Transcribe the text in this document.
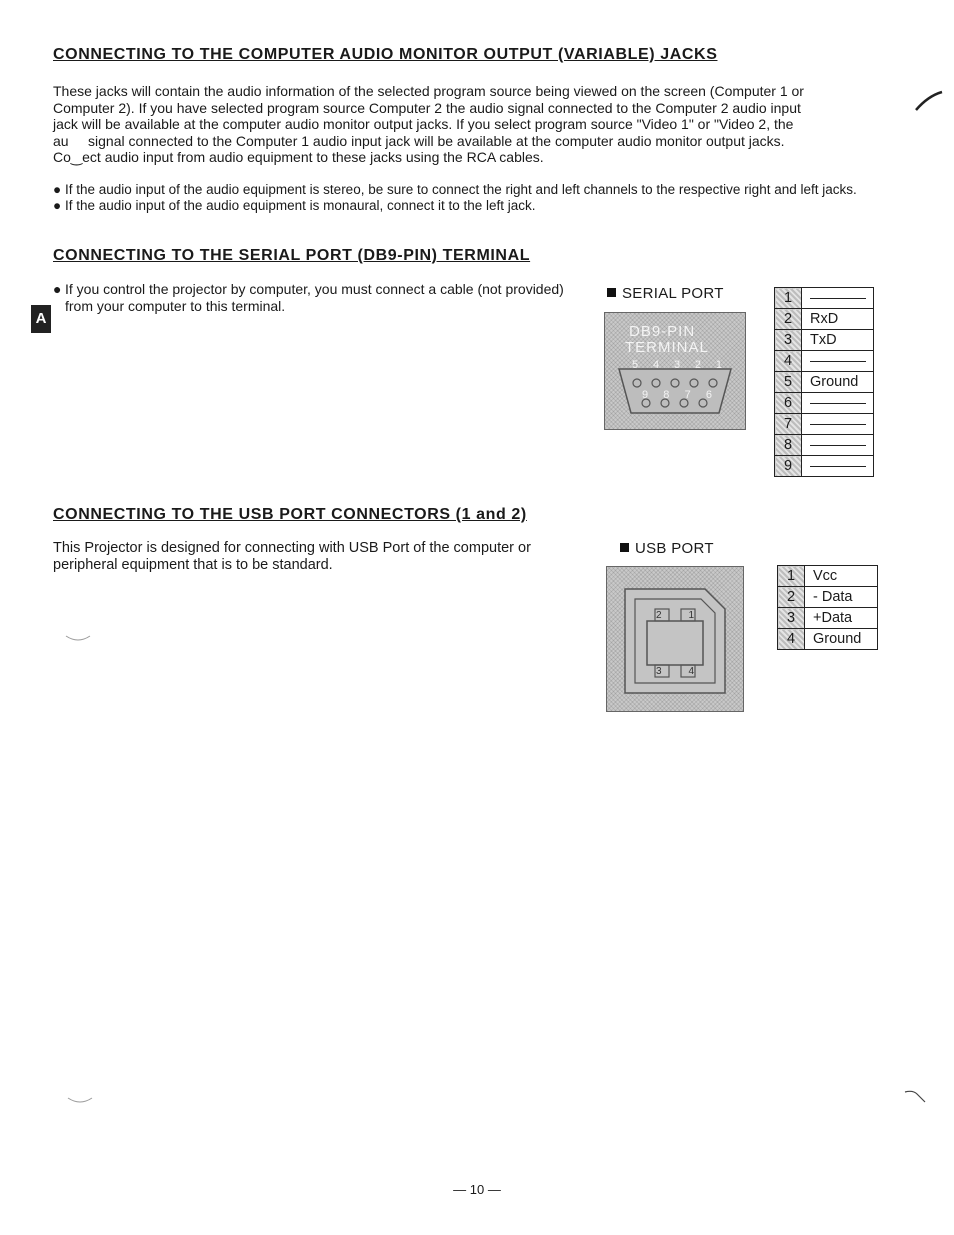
CONNECTING TO THE COMPUTER AUDIO MONITOR OUTPUT (VARIABLE) JACKS

These jacks will contain the audio information of the selected program source being viewed on the screen (Computer 1 or

Computer 2). If you have selected program source Computer 2 the audio signal connected to the Computer 2 audio input

jack will be available at the computer audio monitor output jacks. If you select program source "Video 1" or "Video 2, the

au     signal connected to the Computer 1 audio input jack will be available at the computer audio monitor output jacks.

Co‿ect audio input from audio equipment to these jacks using the RCA cables.

● If the audio input of the audio equipment is stereo, be sure to connect the right and left channels to the respective right and left jacks.

● If the audio input of the audio equipment is monaural, connect it to the left jack.

CONNECTING TO THE SERIAL PORT (DB9-PIN) TERMINAL
A

● If you control the projector by computer, you must connect a cable (not provided) from your computer to this terminal.

SERIAL PORT
DB9-PIN
TERMINAL
5 4 3 2 1
9 8 7 6
1	
2	RxD
3	TxD
4	
5	Ground
6	
7	
8	
9	
CONNECTING TO THE USB PORT CONNECTORS (1 and 2)

This Projector is designed for connecting with USB Port of the computer or peripheral equipment that is to be standard.

USB PORT
2	1
3	4
1	Vcc
2	- Data
3	+Data
4	Ground
— 10 —
